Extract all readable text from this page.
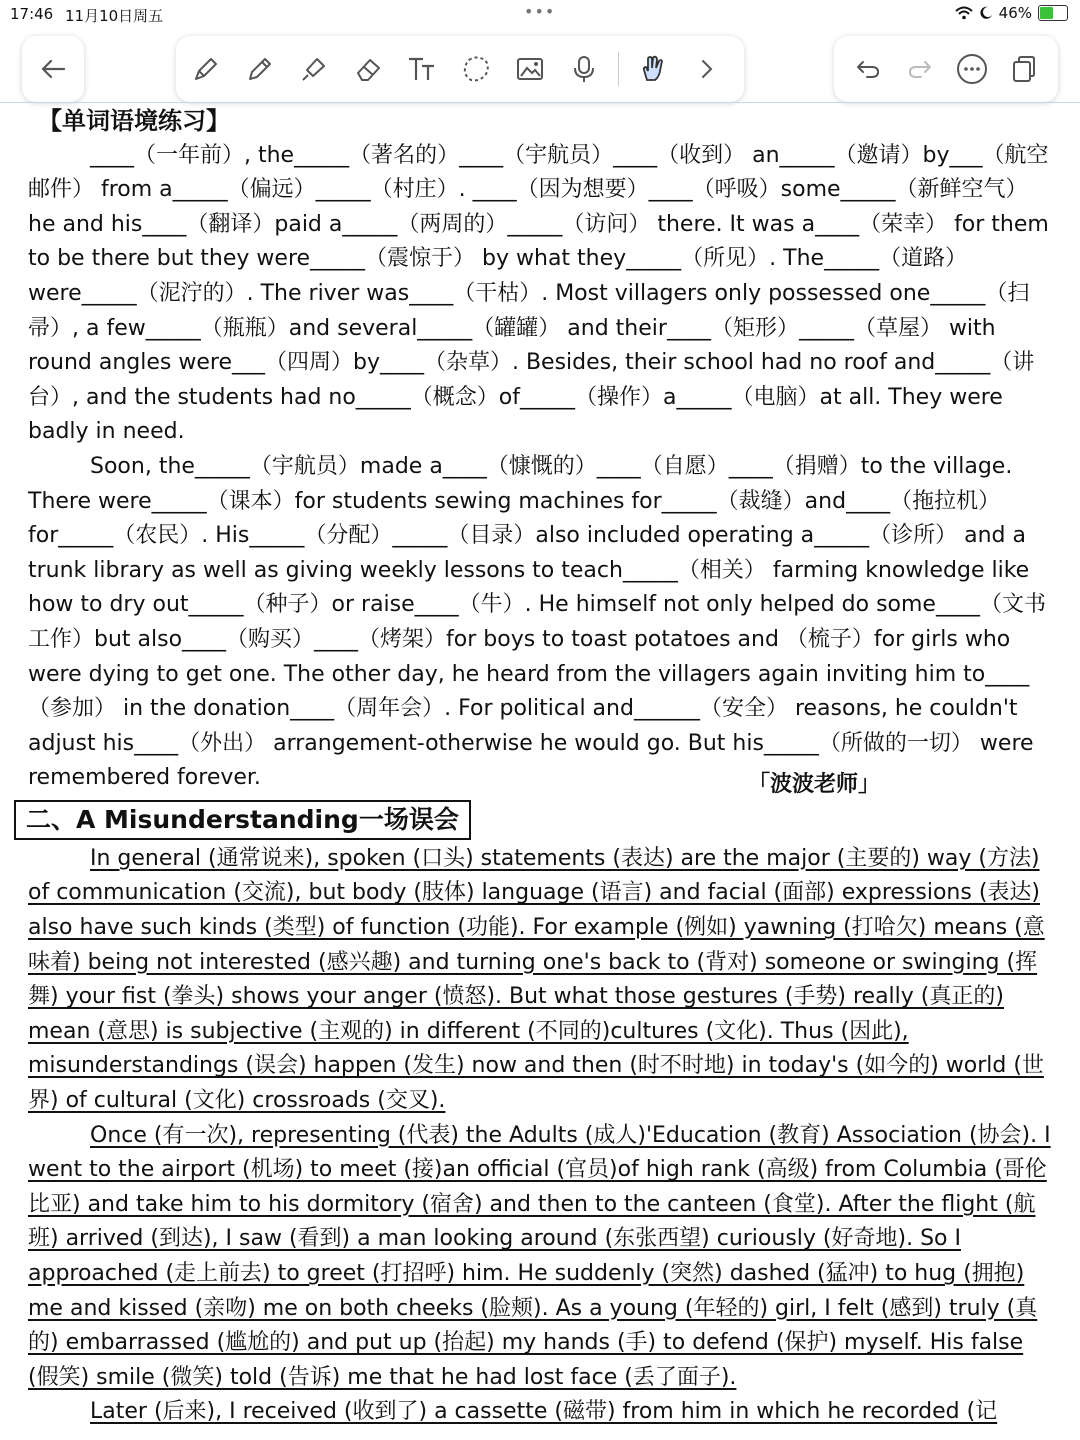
17:46 11月10日周五	•••	46%

【单词语境练习】

____（一年前）, the_____（著名的）____（宇航员）____（收到） an_____（邀请）by___（航空邮件） from a_____（偏远）_____（村庄）. ____（因为想要）____（呼吸）some_____（新鲜空气） he and his____（翻译）paid a_____（两周的）_____（访问） there. It was a____（荣幸） for them to be there but they were_____（震惊于） by what they_____（所见）. The_____（道路） were_____（泥泞的）. The river was____（干枯）. Most villagers only possessed one_____（扫帚）, a few_____（瓶瓶）and several_____（罐罐） and their____（矩形）_____（草屋） with round angles were___（四周）by____（杂草）. Besides, their school had no roof and_____（讲台）, and the students had no_____（概念）of_____（操作）a_____（电脑）at all. They were badly in need.

Soon, the_____（宇航员）made a____（慷慨的）____（自愿）____（捐赠）to the village. There were_____（课本）for students sewing machines for_____（裁缝）and____（拖拉机） for_____（农民）. His_____（分配）_____（目录）also included operating a_____（诊所） and a trunk library as well as giving weekly lessons to teach_____（相关） farming knowledge like how to dry out_____（种子）or raise____（牛）. He himself not only helped do some____（文书工作）but also____（购买）____（烤架）for boys to toast potatoes and （梳子）for girls who were dying to get one. The other day, he heard from the villagers again inviting him to____（参加） in the donation____（周年会）. For political and______（安全） reasons, he couldn't adjust his____（外出） arrangement-otherwise he would go. But his_____（所做的一切） were remembered forever.	「波波老师」
二、A Misunderstanding一场误会

In general (通常说来), spoken (口头) statements (表达) are the major (主要的) way (方法) of communication (交流), but body (肢体) language (语言) and facial (面部) expressions (表达) also have such kinds (类型) of function (功能). For example (例如) yawning (打哈欠) means (意味着) being not interested (感兴趣) and turning one's back to (背对) someone or swinging (挥舞) your fist (拳头) shows your anger (愤怒). But what those gestures (手势) really (真正的) mean (意思) is subjective (主观的) in different (不同的)cultures (文化). Thus (因此), misunderstandings (误会) happen (发生) now and then (时不时地) in today's (如今的) world (世界) of cultural (文化) crossroads (交叉).

Once (有一次), representing (代表) the Adults (成人)'Education (教育) Association (协会). I went to the airport (机场) to meet (接)an official (官员)of high rank (高级) from Columbia (哥伦比亚) and take him to his dormitory (宿舍) and then to the canteen (食堂). After the flight (航班) arrived (到达), I saw (看到) a man looking around (东张西望) curiously (好奇地). So I approached (走上前去) to greet (打招呼) him. He suddenly (突然) dashed (猛冲) to hug (拥抱) me and kissed (亲吻) me on both cheeks (脸颊). As a young (年轻的) girl, I felt (感到) truly (真的) embarrassed (尴尬的) and put up (抬起) my hands (手) to defend (保护) myself. His false (假笑) smile (微笑) told (告诉) me that he had lost face (丢了面子).

Later (后来), I received (收到了) a cassette (磁带) from him in which he recorded (记
